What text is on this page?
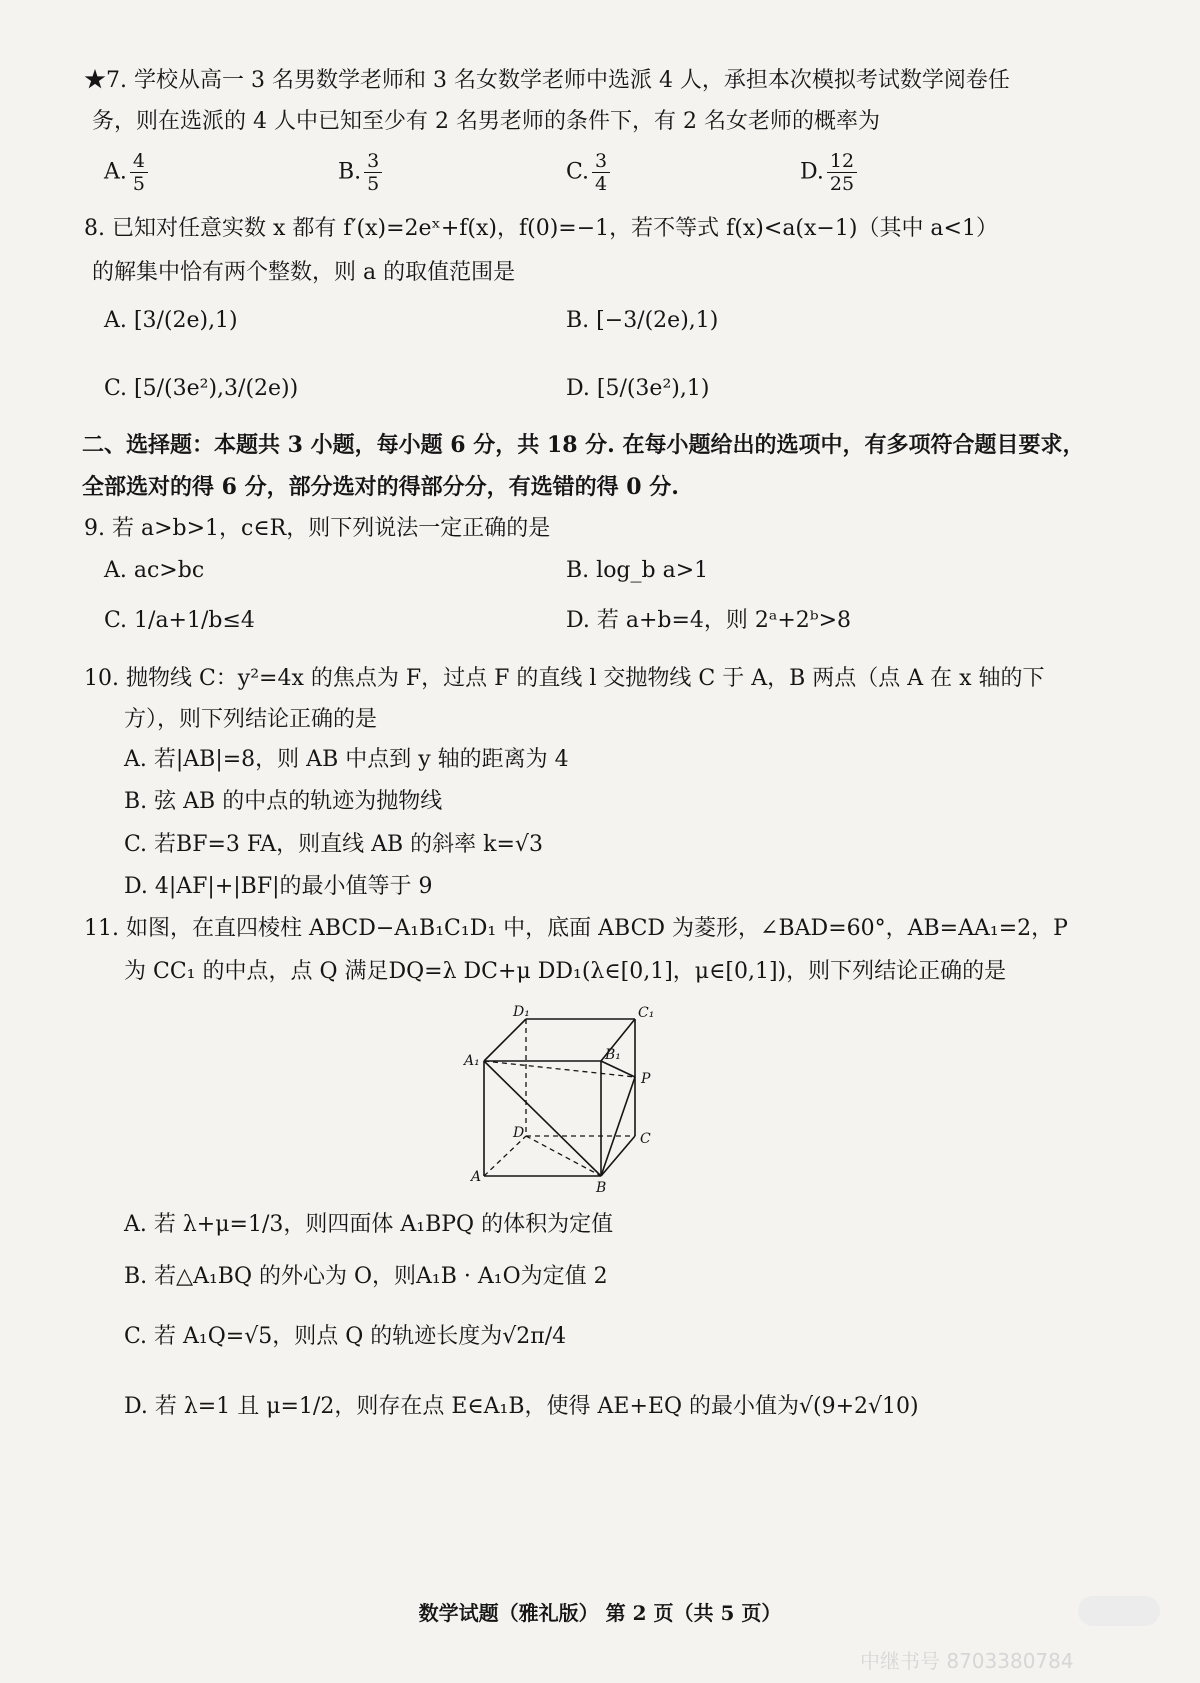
★7. 学校从高一 3 名男数学老师和 3 名女数学老师中选派 4 人，承担本次模拟考试数学阅卷任
务，则在选派的 4 人中已知至少有 2 名男老师的条件下，有 2 名女老师的概率为
A. $\frac{4}{5}$	B. $\frac{3}{5}$	C. $\frac{3}{4}$	D. $\frac{12}{25}$
8. 已知对任意实数 x 都有 f′(x)=2eˣ+f(x)，f(0)=−1，若不等式 f(x)<a(x−1)（其中 a<1）
的解集中恰有两个整数，则 a 的取值范围是
A. [3/(2e),1)	B. [−3/(2e),1)
C. [5/(3e²),3/(2e))	D. [5/(3e²),1)
二、选择题：本题共 3 小题，每小题 6 分，共 18 分. 在每小题给出的选项中，有多项符合题目要求，
全部选对的得 6 分，部分选对的得部分分，有选错的得 0 分.
9. 若 a>b>1，c∈R，则下列说法一定正确的是
A. ac>bc	B. log_b a>1
C. 1/a+1/b≤4	D. 若 a+b=4，则 2ᵃ+2ᵇ>8
10. 抛物线 C：y²=4x 的焦点为 F，过点 F 的直线 l 交抛物线 C 于 A，B 两点（点 A 在 x 轴的下
方），则下列结论正确的是
A. 若|AB|=8，则 AB 中点到 y 轴的距离为 4
B. 弦 AB 的中点的轨迹为抛物线
C. 若BF=3 FA，则直线 AB 的斜率 k=√3
D. 4|AF|+|BF|的最小值等于 9
11. 如图，在直四棱柱 ABCD−A₁B₁C₁D₁ 中，底面 ABCD 为菱形，∠BAD=60°，AB=AA₁=2，P
为 CC₁ 的中点，点 Q 满足DQ=λ DC+μ DD₁(λ∈[0,1]，μ∈[0,1])，则下列结论正确的是
D₁	C₁
A₁	B₁
P
D	C
A
B
A. 若 λ+μ=1/3，则四面体 A₁BPQ 的体积为定值
B. 若△A₁BQ 的外心为 O，则A₁B · A₁O为定值 2
C. 若 A₁Q=√5，则点 Q 的轨迹长度为√2π/4
D. 若 λ=1 且 μ=1/2，则存在点 E∈A₁B，使得 AE+EQ 的最小值为√(9+2√10)
数学试题（雅礼版） 第 2 页（共 5 页）
中继书号 8703380784
